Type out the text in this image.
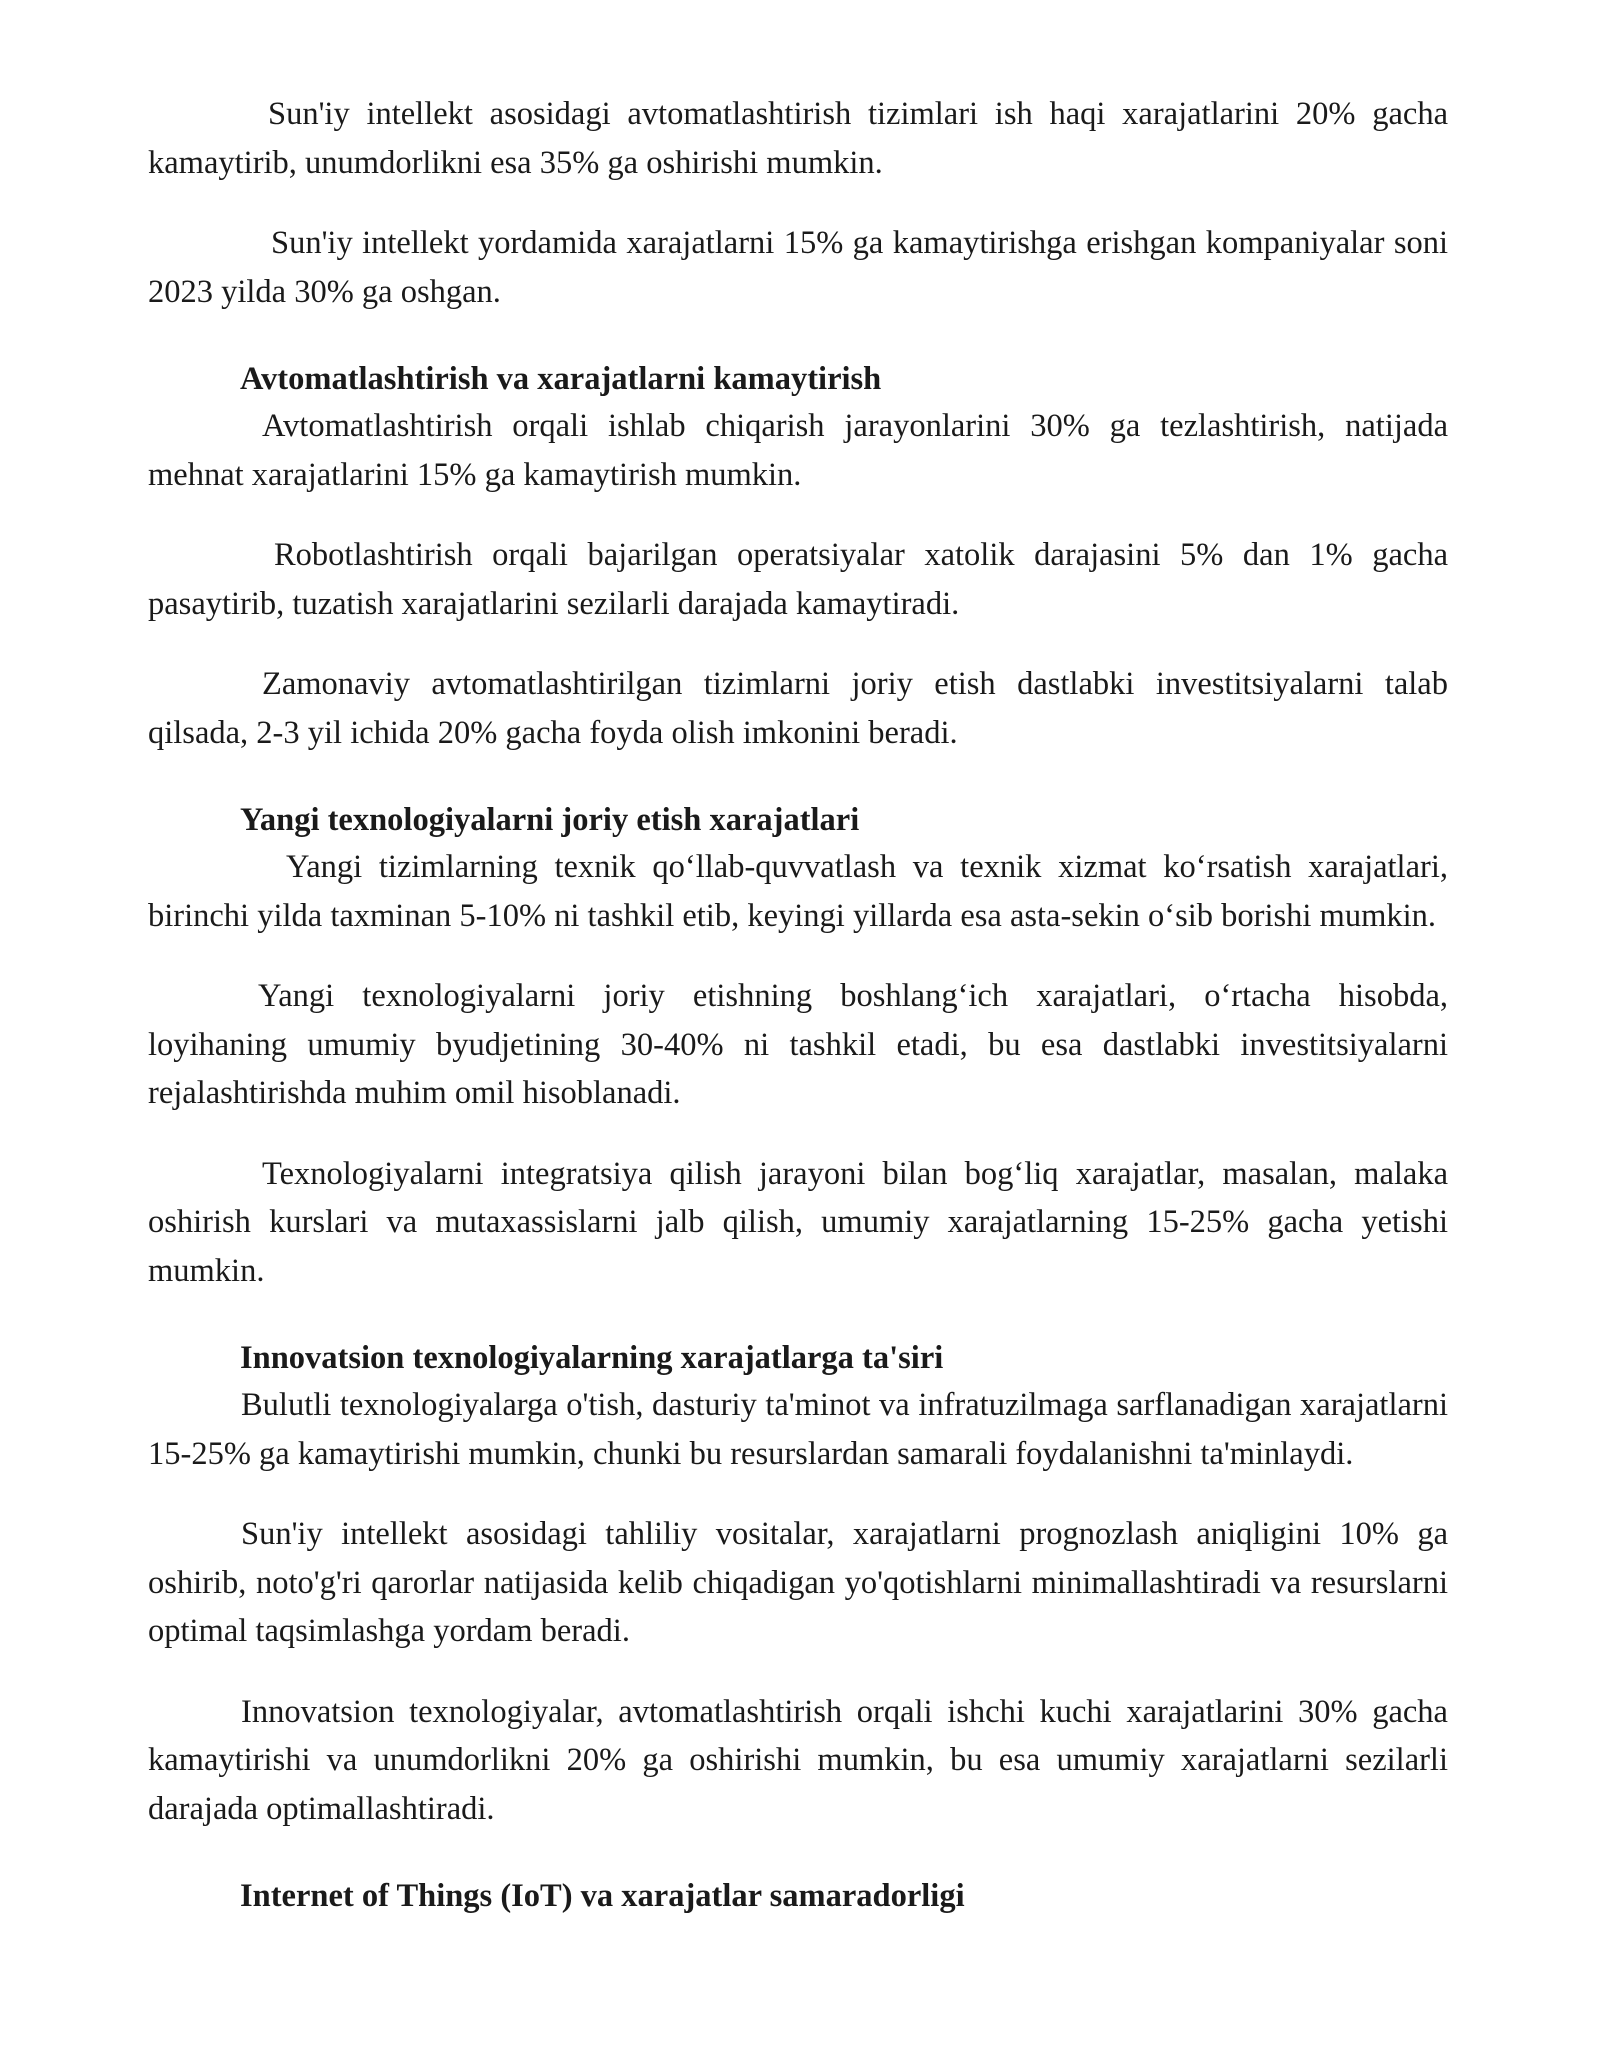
Sun'iy intellekt asosidagi avtomatlashtirish tizimlari ish haqi xarajatlarini 20% gacha kamaytirib, unumdorlikni esa 35% ga oshirishi mumkin.

Sun'iy intellekt yordamida xarajatlarni 15% ga kamaytirishga erishgan kompaniyalar soni 2023 yilda 30% ga oshgan.

Avtomatlashtirish va xarajatlarni kamaytirish

Avtomatlashtirish orqali ishlab chiqarish jarayonlarini 30% ga tezlashtirish, natijada mehnat xarajatlarini 15% ga kamaytirish mumkin.

Robotlashtirish orqali bajarilgan operatsiyalar xatolik darajasini 5% dan 1% gacha pasaytirib, tuzatish xarajatlarini sezilarli darajada kamaytiradi.

Zamonaviy avtomatlashtirilgan tizimlarni joriy etish dastlabki investitsiyalarni talab qilsada, 2-3 yil ichida 20% gacha foyda olish imkonini beradi.

Yangi texnologiyalarni joriy etish xarajatlari

Yangi tizimlarning texnik qo‘llab-quvvatlash va texnik xizmat ko‘rsatish xarajatlari, birinchi yilda taxminan 5-10% ni tashkil etib, keyingi yillarda esa asta-sekin o‘sib borishi mumkin.

Yangi texnologiyalarni joriy etishning boshlang‘ich xarajatlari, o‘rtacha hisobda, loyihaning umumiy byudjetining 30-40% ni tashkil etadi, bu esa dastlabki investitsiyalarni rejalashtirishda muhim omil hisoblanadi.

Texnologiyalarni integratsiya qilish jarayoni bilan bog‘liq xarajatlar, masalan, malaka oshirish kurslari va mutaxassislarni jalb qilish, umumiy xarajatlarning 15-25% gacha yetishi mumkin.

Innovatsion texnologiyalarning xarajatlarga ta'siri

Bulutli texnologiyalarga o'tish, dasturiy ta'minot va infratuzilmaga sarflanadigan xarajatlarni 15-25% ga kamaytirishi mumkin, chunki bu resurslardan samarali foydalanishni ta'minlaydi.

Sun'iy intellekt asosidagi tahliliy vositalar, xarajatlarni prognozlash aniqligini 10% ga oshirib, noto'g'ri qarorlar natijasida kelib chiqadigan yo'qotishlarni minimallashtiradi va resurslarni optimal taqsimlashga yordam beradi.

Innovatsion texnologiyalar, avtomatlashtirish orqali ishchi kuchi xarajatlarini 30% gacha kamaytirishi va unumdorlikni 20% ga oshirishi mumkin, bu esa umumiy xarajatlarni sezilarli darajada optimallashtiradi.

Internet of Things (IoT) va xarajatlar samaradorligi
